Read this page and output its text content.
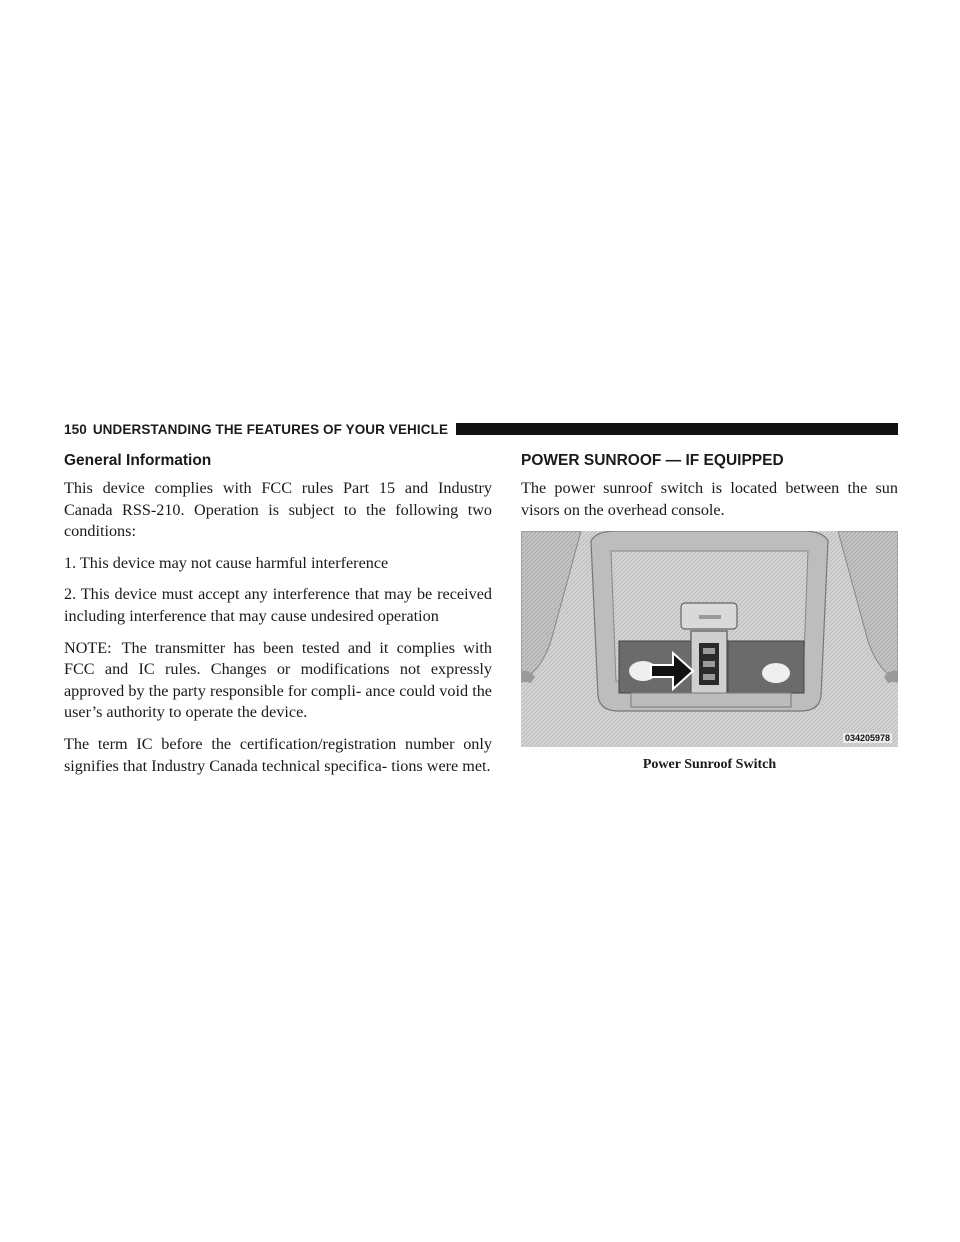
150 UNDERSTANDING THE FEATURES OF YOUR VEHICLE
General Information

This device complies with FCC rules Part 15 and Industry Canada RSS-210. Operation is subject to the following two conditions:

1. This device may not cause harmful interference

2. This device must accept any interference that may be received including interference that may cause undesired operation

NOTE: The transmitter has been tested and it complies with FCC and IC rules. Changes or modifications not expressly approved by the party responsible for compli- ance could void the user’s authority to operate the device.

The term IC before the certification/registration number only signifies that Industry Canada technical specifica- tions were met.

POWER SUNROOF — IF EQUIPPED

The power sunroof switch is located between the sun visors on the overhead console.

034205978
Power Sunroof Switch
